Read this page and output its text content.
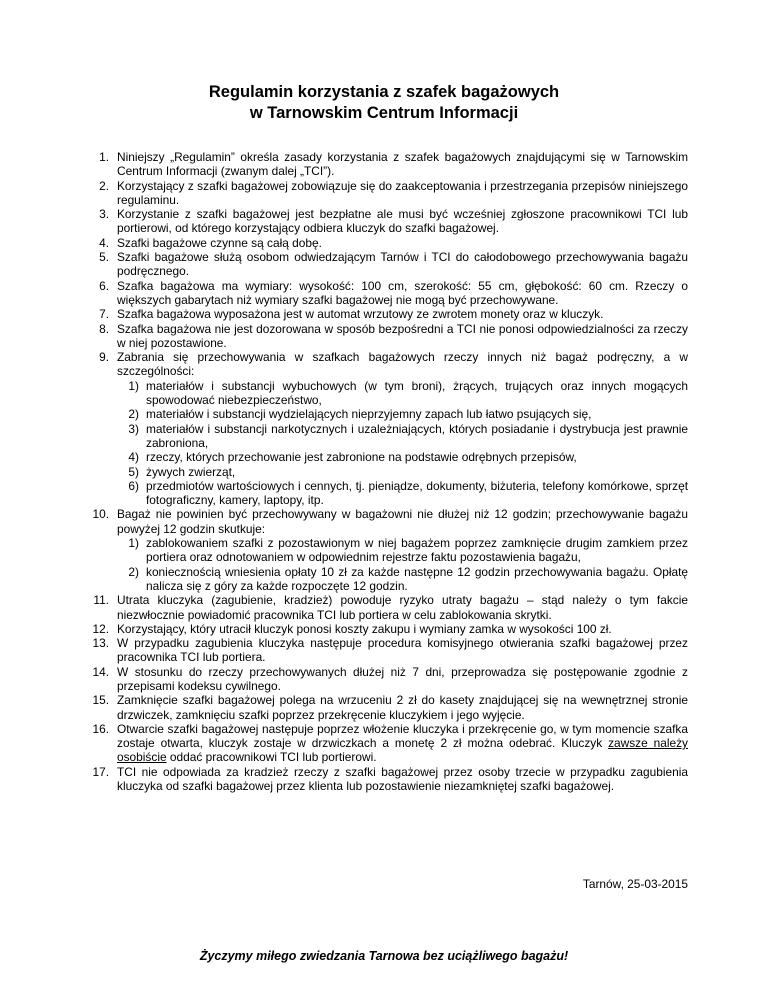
Regulamin korzystania z szafek bagażowych
w Tarnowskim Centrum Informacji
1. Niniejszy „Regulamin” określa zasady korzystania z szafek bagażowych znajdującymi się w Tarnowskim Centrum Informacji (zwanym dalej „TCI”).
2. Korzystający z szafki bagażowej zobowiązuje się do zaakceptowania i przestrzegania przepisów niniejszego regulaminu.
3. Korzystanie z szafki bagażowej jest bezpłatne ale musi być wcześniej zgłoszone pracownikowi TCI lub portierowi, od którego korzystający odbiera kluczyk do szafki bagażowej.
4. Szafki bagażowe czynne są całą dobę.
5. Szafki bagażowe służą osobom odwiedzającym Tarnów i TCI do całodobowego przechowywania bagażu podręcznego.
6. Szafka bagażowa ma wymiary: wysokość: 100 cm, szerokość: 55 cm, głębokość: 60 cm. Rzeczy o większych gabarytach niż wymiary szafki bagażowej nie mogą być przechowywane.
7. Szafka bagażowa wyposażona jest w automat wrzutowy ze zwrotem monety oraz w kluczyk.
8. Szafka bagażowa nie jest dozorowana w sposób bezpośredni a TCI nie ponosi odpowiedzialności za rzeczy w niej pozostawione.
9. Zabrania się przechowywania w szafkach bagażowych rzeczy innych niż bagaż podręczny, a w szczególności:
1) materiałów i substancji wybuchowych (w tym broni), żrących, trujących oraz innych mogących spowodować niebezpieczeństwo,
2) materiałów i substancji wydzielających nieprzyjemny zapach lub łatwo psujących się,
3) materiałów i substancji narkotycznych i uzależniających, których posiadanie i dystrybucja jest prawnie zabroniona,
4) rzeczy, których przechowanie jest zabronione na podstawie odrębnych przepisów,
5) żywych zwierząt,
6) przedmiotów wartościowych i cennych, tj. pieniądze, dokumenty, biżuteria, telefony komórkowe, sprzęt fotograficzny, kamery, laptopy, itp.
10. Bagaż nie powinien być przechowywany w bagażowni nie dłużej niż 12 godzin; przechowywanie bagażu powyżej 12 godzin skutkuje:
1) zablokowaniem szafki z pozostawionym w niej bagażem poprzez zamknięcie drugim zamkiem przez portiera oraz odnotowaniem w odpowiednim rejestrze faktu pozostawienia bagażu,
2) koniecznością wniesienia opłaty 10 zł za każde następne 12 godzin przechowywania bagażu. Opłatę nalicza się z góry za każde rozpoczęte 12 godzin.
11. Utrata kluczyka (zagubienie, kradzież) powoduje ryzyko utraty bagażu – stąd należy o tym fakcie niezwłocznie powiadomić pracownika TCI lub portiera w celu zablokowania skrytki.
12. Korzystający, który utracił kluczyk ponosi koszty zakupu i wymiany zamka w wysokości 100 zł.
13. W przypadku zagubienia kluczyka następuje procedura komisyjnego otwierania szafki bagażowej przez pracownika TCI lub portiera.
14. W stosunku do rzeczy przechowywanych dłużej niż 7 dni, przeprowadza się postępowanie zgodnie z przepisami kodeksu cywilnego.
15. Zamknięcie szafki bagażowej polega na wrzuceniu 2 zł do kasety znajdującej się na wewnętrznej stronie drzwiczek, zamknięciu szafki poprzez przekręcenie kluczykiem i jego wyjęcie.
16. Otwarcie szafki bagażowej następuje poprzez włożenie kluczyka i przekręcenie go, w tym momencie szafka zostaje otwarta, kluczyk zostaje w drzwiczkach a monetę 2 zł można odebrać. Kluczyk zawsze należy osobiście oddać pracownikowi TCI lub portierowi.
17. TCI nie odpowiada za kradzież rzeczy z szafki bagażowej przez osoby trzecie w przypadku zagubienia kluczyka od szafki bagażowej przez klienta lub pozostawienie niezamkniętej szafki bagażowej.
Tarnów, 25-03-2015
Życzymy miłego zwiedzania Tarnowa bez uciążliwego bagażu!
